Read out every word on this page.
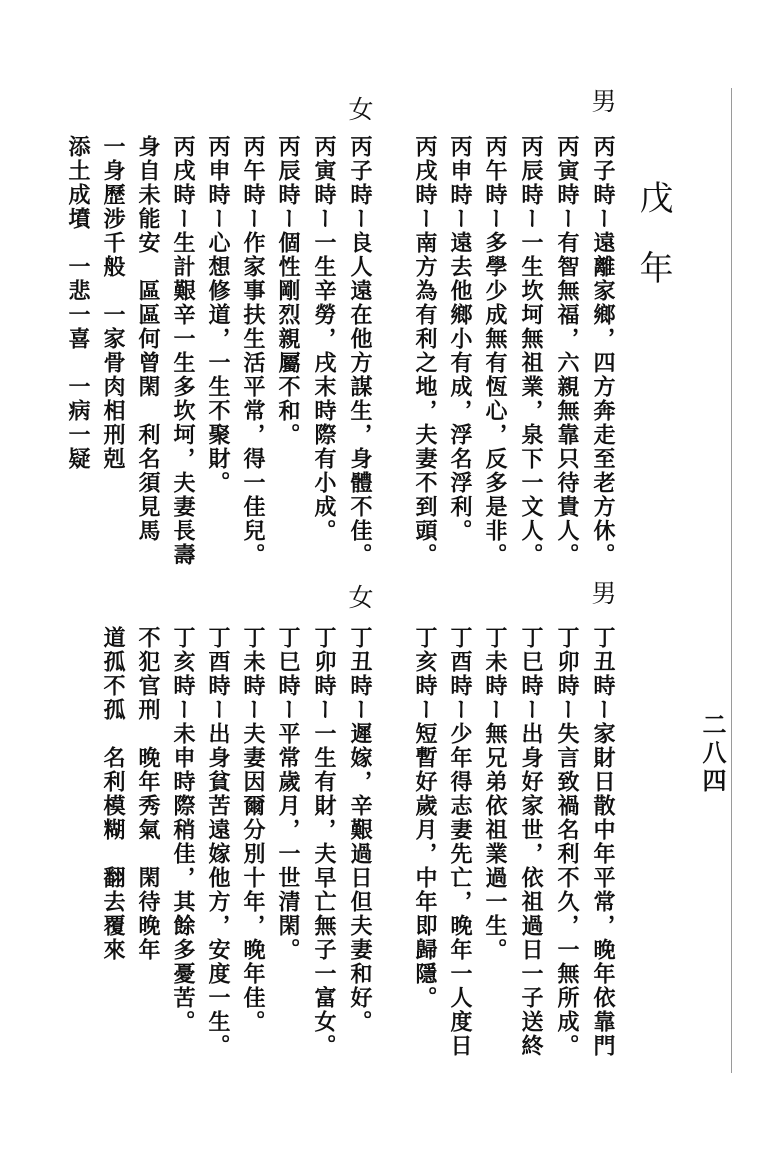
二八四
戊年
男
丙子時ー遠離家鄉，四方奔走至老方休。
丙寅時ー有智無福，六親無靠只待貴人。
丙辰時ー一生坎坷無祖業，泉下一文人。
丙午時ー多學少成無有恆心，反多是非。
丙申時ー遠去他鄉小有成，浮名浮利。
丙戌時ー南方為有利之地，夫妻不到頭。
女
丙子時ー良人遠在他方謀生，身體不佳。
丙寅時ー一生辛勞，戌末時際有小成。
丙辰時ー個性剛烈親屬不和。
丙午時ー作家事扶生活平常，得一佳兒。
丙申時ー心想修道，一生不聚財。
丙戌時ー生計艱辛一生多坎坷，夫妻長壽
身自未能安　區區何曾閑　利名須見馬
一身歷涉千般　一家骨肉相刑剋
添土成墳　一悲一喜　一病一疑
男
丁丑時ー家財日散中年平常，晚年依靠門
丁卯時ー失言致禍名利不久，一無所成。
丁巳時ー出身好家世，依祖過日一子送終
丁未時ー無兄弟依祖業過一生。
丁酉時ー少年得志妻先亡，晚年一人度日
丁亥時ー短暫好歲月，中年即歸隱。
女
丁丑時ー遲嫁，辛艱過日但夫妻和好。
丁卯時ー一生有財，夫早亡無子一富女。
丁巳時ー平常歲月，一世清閑。
丁未時ー夫妻因爾分別十年，晚年佳。
丁酉時ー出身貧苦遠嫁他方，安度一生。
丁亥時ー未申時際稍佳，其餘多憂苦。
不犯官刑　晚年秀氣　閑待晚年
道孤不孤　名利模糊　翻去覆來
